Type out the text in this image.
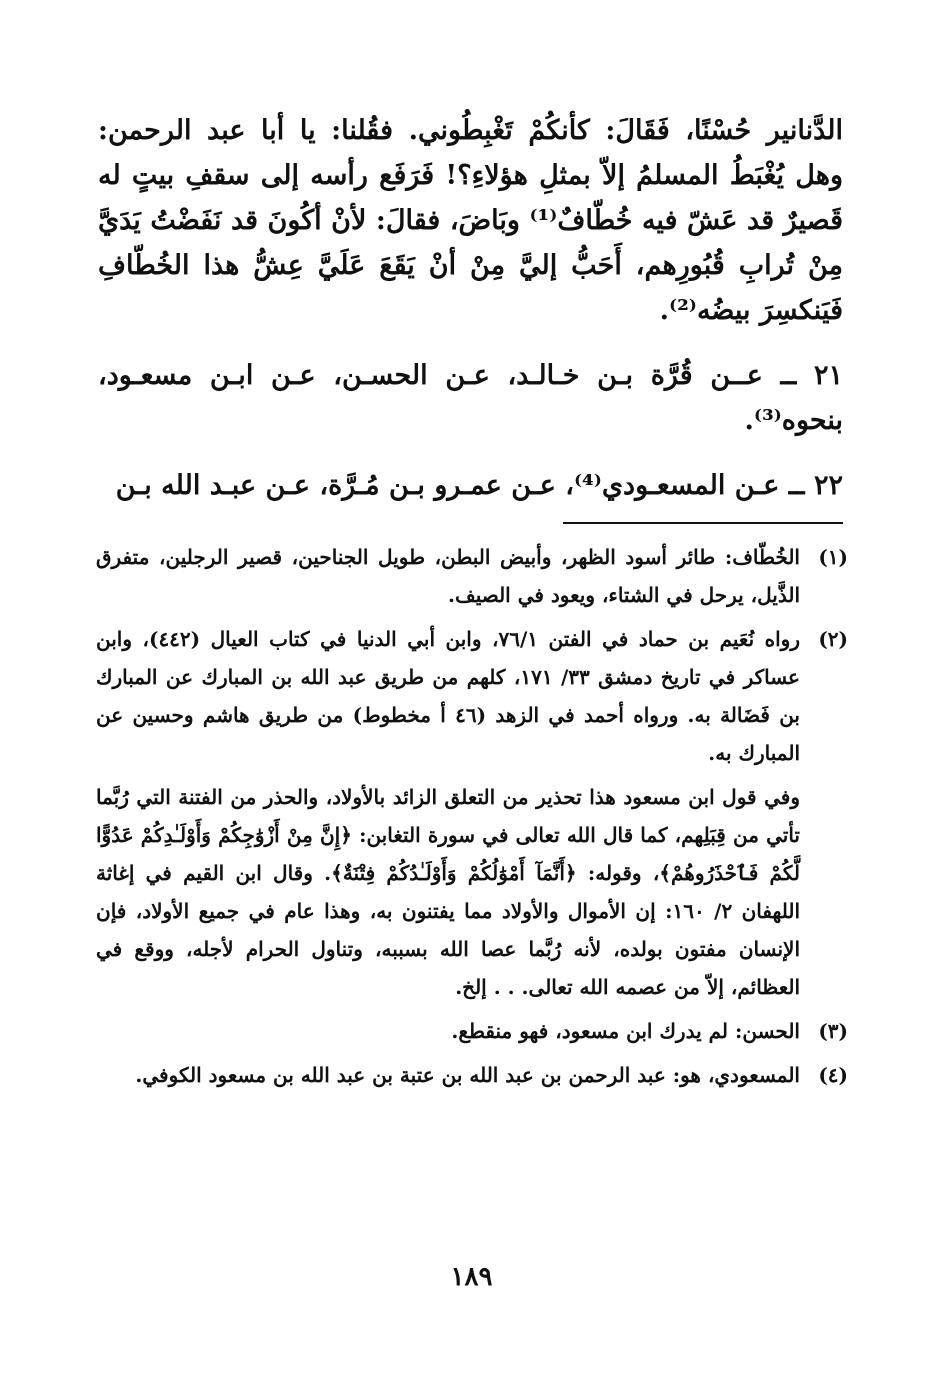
الدَّنانير حُسْنًا، فَقَالَ: كأنكُمْ تَغْبِطُوني. فقُلنا: يا أبا عبد الرحمن: وهل يُغْبَطُ المسلمُ إلاّ بمثلِ هؤلاءِ؟! فَرَفَع رأسه إلى سقفِ بيتٍ له قَصيرٌ قد عَشّ فيه خُطّافٌ⁽¹⁾ وبَاضَ، فقالَ: لأنْ أكُونَ قد نَفَضْتُ يَدَيَّ مِنْ تُرابِ قُبُورِهم، أَحَبُّ إليَّ مِنْ أنْ يَقَعَ عَلَيَّ عِشُّ هذا الخُطّافِ فَيَنكسِرَ بيضُه⁽²⁾.

٢١ ــ عــن قُرَّة بـن خـالـد، عـن الحسـن، عـن ابـن مسعـود، بنحوه⁽³⁾.

٢٢ ــ عـن المسعـودي⁽⁴⁾، عـن عمـرو بـن مُـرَّة، عـن عبـد الله بـن

(١)

الخُطّاف: طائر أسود الظهر، وأبيض البطن، طويل الجناحين، قصير الرجلين، متفرق الذَّيل، يرحل في الشتاء، ويعود في الصيف.

(٢)

رواه نُعَيم بن حماد في الفتن ٧٦/١، وابن أبي الدنيا في كتاب العيال (٤٤٢)، وابن عساكر في تاريخ دمشق ٣٣/ ١٧١، كلهم من طريق عبد الله بن المبارك عن المبارك بن فَضَالة به. ورواه أحمد في الزهد (٤٦ أ مخطوط) من طريق هاشم وحسين عن المبارك به.

وفي قول ابن مسعود هذا تحذير من التعلق الزائد بالأولاد، والحذر من الفتنة التي رُبَّما تأتي من قِبَلِهم، كما قال الله تعالى في سورة التغابن: ﴿إِنَّ مِنْ أَزْوَٰجِكُمْ وَأَوْلَـٰدِكُمْ عَدُوًّا لَّكُمْ فَٱحْذَرُوهُمْ﴾، وقوله: ﴿أَنَّمَآ أَمْوَٰلُكُمْ وَأَوْلَـٰدُكُمْ فِتْنَةٌ﴾. وقال ابن القيم في إغاثة اللهفان ٢/ ١٦٠: إن الأموال والأولاد مما يفتنون به، وهذا عام في جميع الأولاد، فإن الإنسان مفتون بولده، لأنه رُبَّما عصا الله بسببه، وتناول الحرام لأجله، ووقع في العظائم، إلاّ من عصمه الله تعالى. . . إلخ.

(٣)

الحسن: لم يدرك ابن مسعود، فهو منقطع.

(٤)

المسعودي، هو: عبد الرحمن بن عبد الله بن عتبة بن عبد الله بن مسعود الكوفي.

١٨٩
